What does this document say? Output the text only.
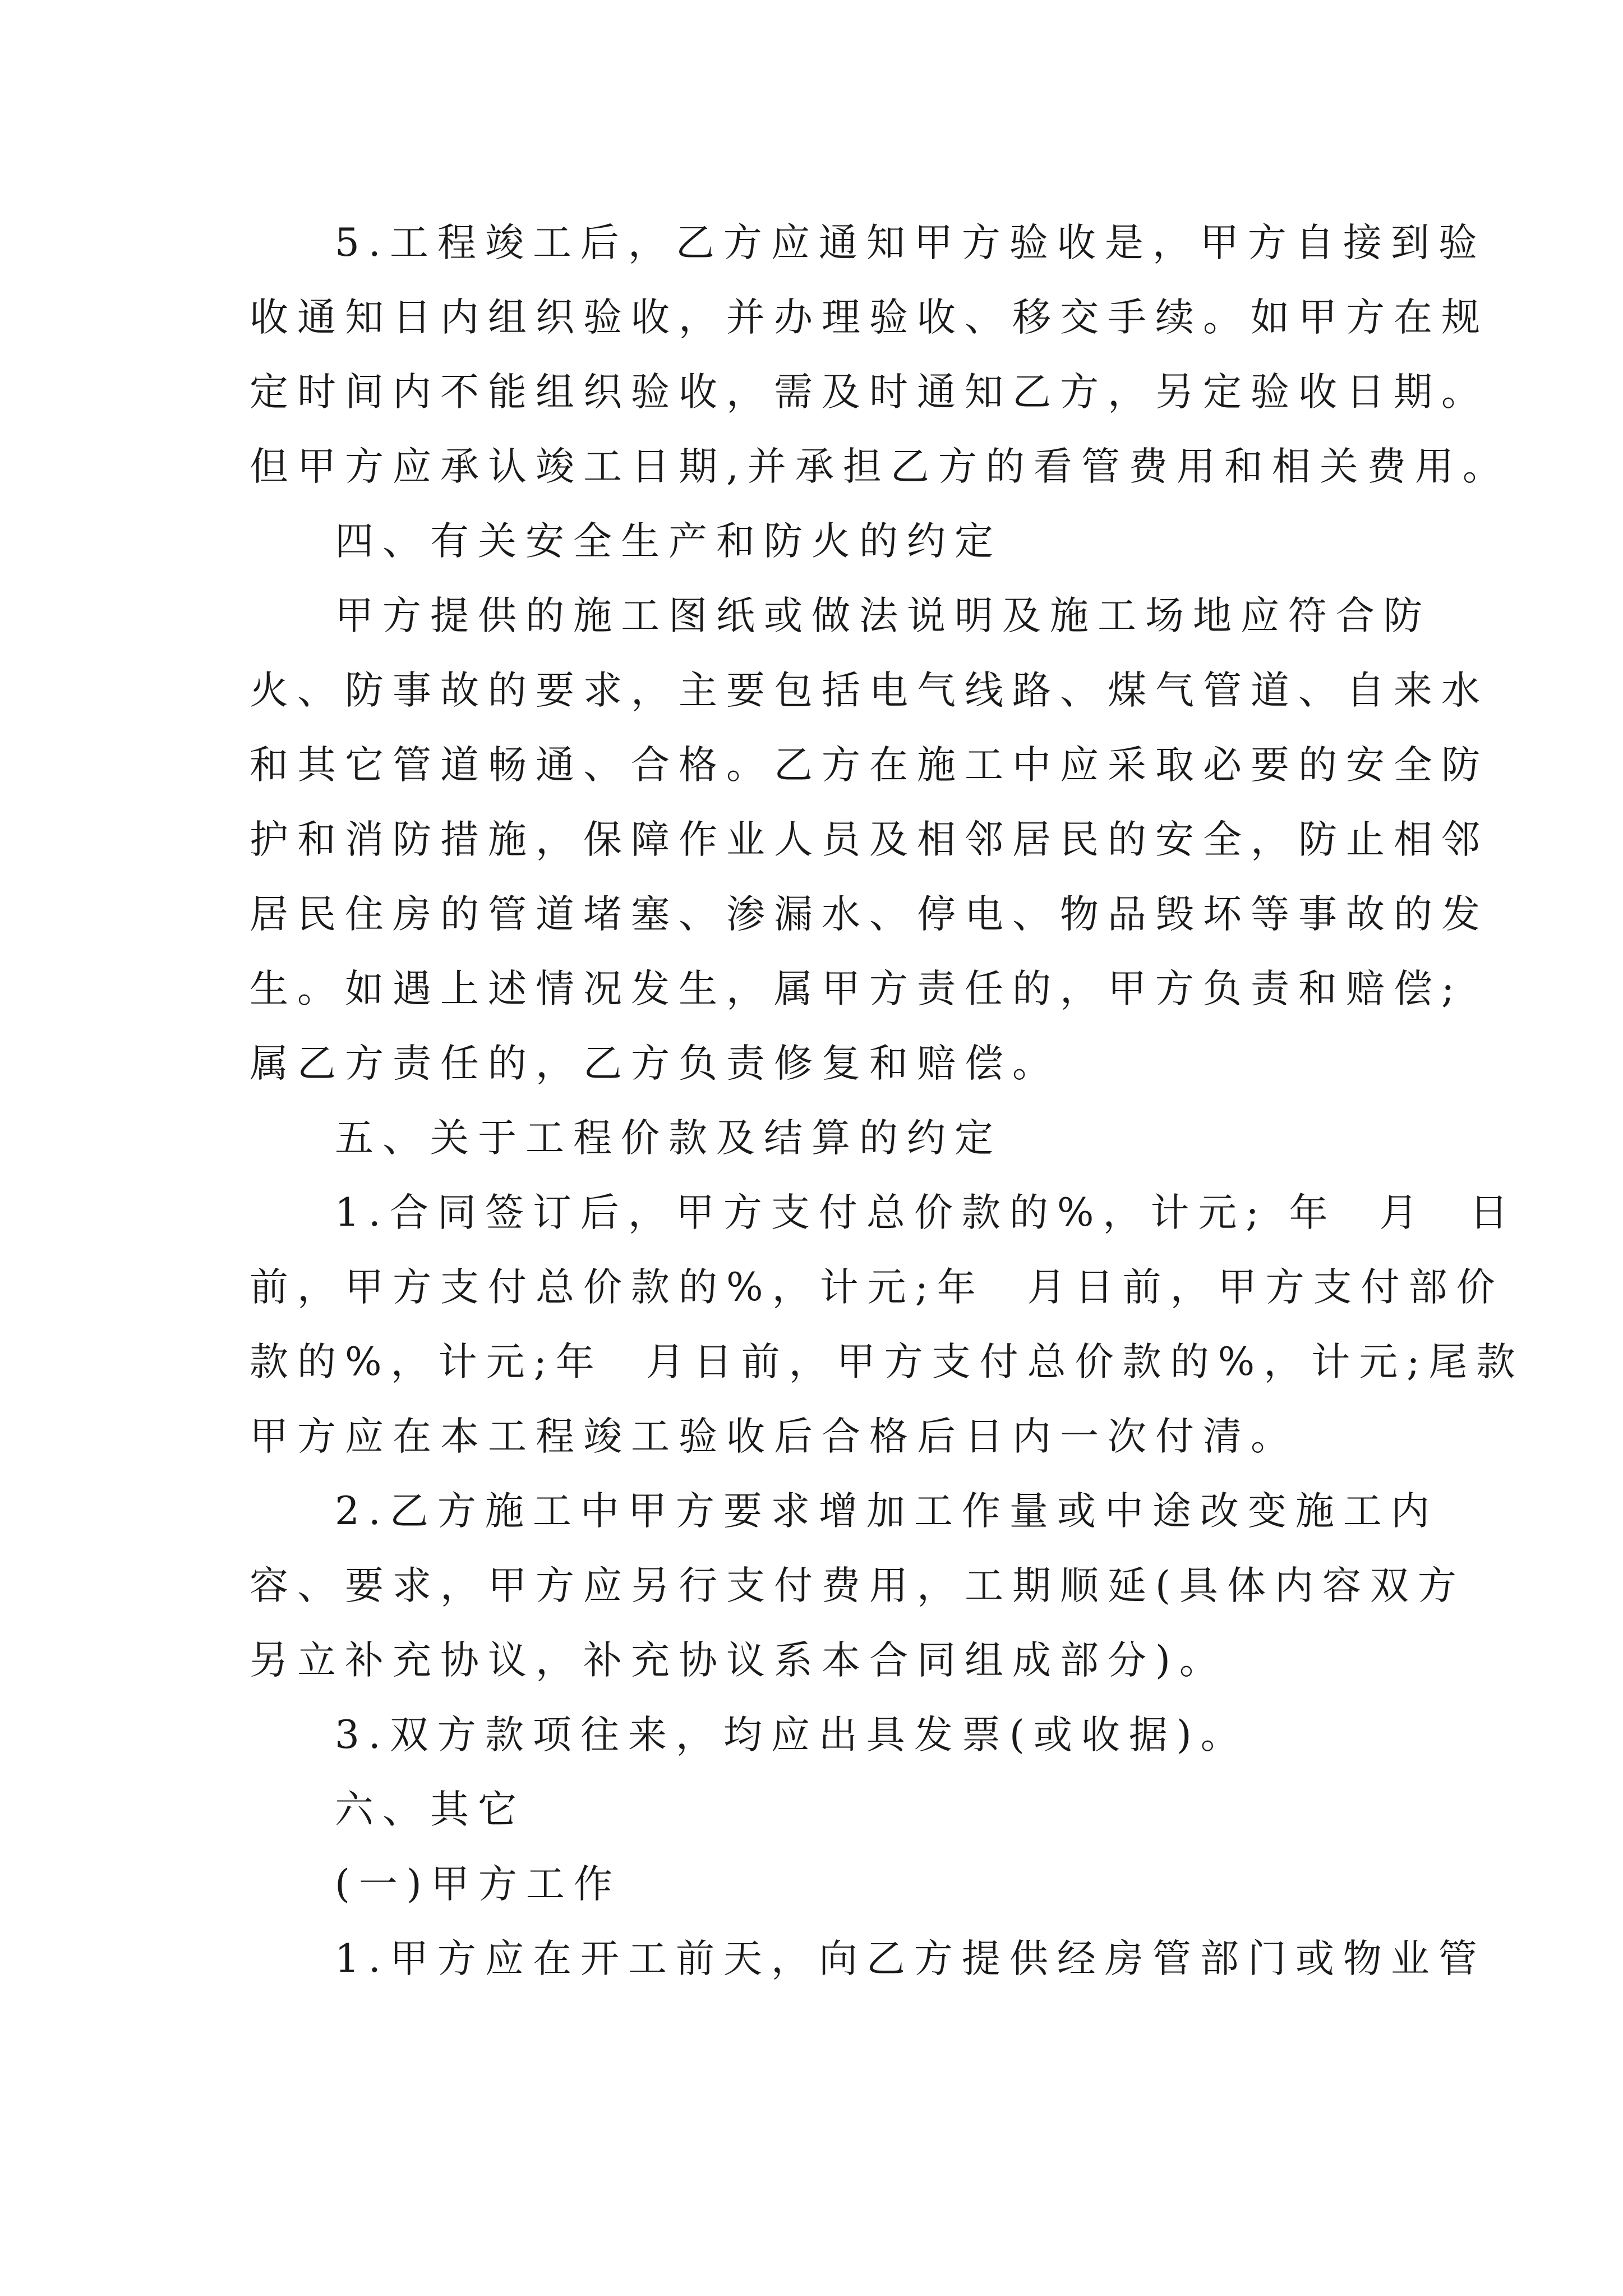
5.工程竣工后，乙方应通知甲方验收是，甲方自接到验
收通知日内组织验收，并办理验收、移交手续。如甲方在规
定时间内不能组织验收，需及时通知乙方，另定验收日期。
但甲方应承认竣工日期,并承担乙方的看管费用和相关费用。
四、有关安全生产和防火的约定
甲方提供的施工图纸或做法说明及施工场地应符合防
火、防事故的要求，主要包括电气线路、煤气管道、自来水
和其它管道畅通、合格。乙方在施工中应采取必要的安全防
护和消防措施，保障作业人员及相邻居民的安全，防止相邻
居民住房的管道堵塞、渗漏水、停电、物品毁坏等事故的发
生。如遇上述情况发生，属甲方责任的，甲方负责和赔偿;
属乙方责任的，乙方负责修复和赔偿。
五、关于工程价款及结算的约定
1.合同签订后，甲方支付总价款的%，计元; 年  月  日
前，甲方支付总价款的%，计元;年  月日前，甲方支付部价
款的%，计元;年  月日前，甲方支付总价款的%，计元;尾款
甲方应在本工程竣工验收后合格后日内一次付清。
2.乙方施工中甲方要求增加工作量或中途改变施工内
容、要求，甲方应另行支付费用，工期顺延(具体内容双方
另立补充协议，补充协议系本合同组成部分)。
3.双方款项往来，均应出具发票(或收据)。
六、其它
(一)甲方工作
1.甲方应在开工前天，向乙方提供经房管部门或物业管
